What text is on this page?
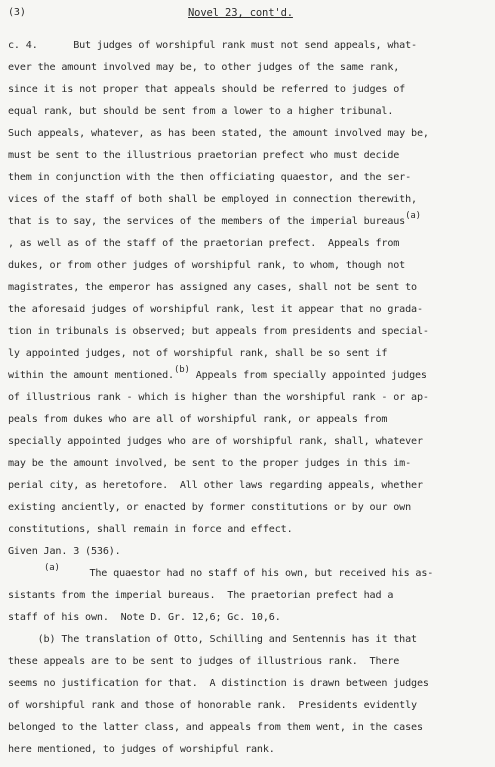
(3)	Novel 23, cont'd.
c. 4.      But judges of worshipful rank must not send appeals, what-
ever the amount involved may be, to other judges of the same rank,
since it is not proper that appeals should be referred to judges of
equal rank, but should be sent from a lower to a higher tribunal.
Such appeals, whatever, as has been stated, the amount involved may be,
must be sent to the illustrious praetorian prefect who must decide
them in conjunction with the then officiating quaestor, and the ser-
vices of the staff of both shall be employed in connection therewith,
that is to say, the services of the members of the imperial bureaus(a)
, as well as of the staff of the praetorian prefect.  Appeals from
dukes, or from other judges of worshipful rank, to whom, though not
magistrates, the emperor has assigned any cases, shall not be sent to
the aforesaid judges of worshipful rank, lest it appear that no grada-
tion in tribunals is observed; but appeals from presidents and special-
ly appointed judges, not of worshipful rank, shall be so sent if
within the amount mentioned.(b) Appeals from specially appointed judges
of illustrious rank - which is higher than the worshipful rank - or ap-
peals from dukes who are all of worshipful rank, or appeals from
specially appointed judges who are of worshipful rank, shall, whatever
may be the amount involved, be sent to the proper judges in this im-
perial city, as heretofore.  All other laws regarding appeals, whether
existing anciently, or enacted by former constitutions or by our own
constitutions, shall remain in force and effect.
Given Jan. 3 (536).
(a)     The quaestor had no staff of his own, but received his as-
sistants from the imperial bureaus.  The praetorian prefect had a
staff of his own.  Note D. Gr. 12,6; Gc. 10,6.
(b) The translation of Otto, Schilling and Sentennis has it that
these appeals are to be sent to judges of illustrious rank.  There
seems no justification for that.  A distinction is drawn between judges
of worshipful rank and those of honorable rank.  Presidents evidently
belonged to the latter class, and appeals from them went, in the cases
here mentioned, to judges of worshipful rank.
